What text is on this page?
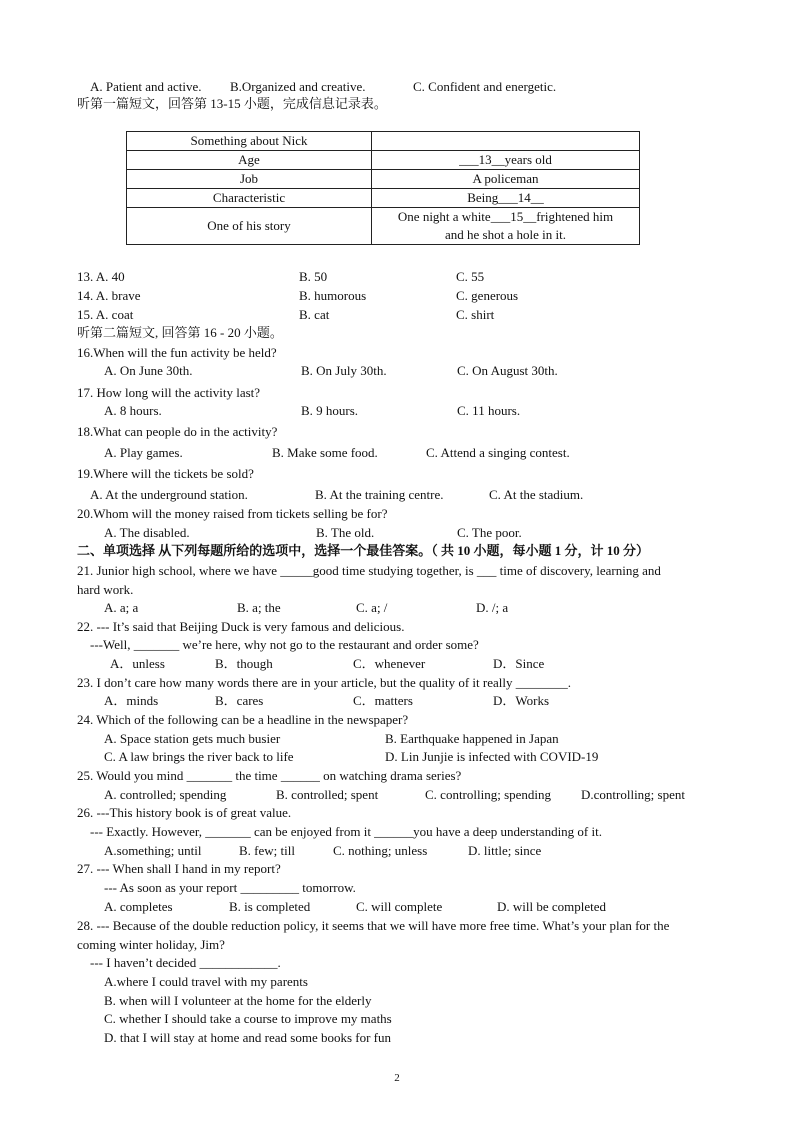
A. Patient and active. B.Organized and creative.	C. Confident and energetic.
听第一篇短文，回答第 13-15 小题，完成信息记录表。
Something about Nick	
Age	___13__years old
Job	A policeman
Characteristic	Being___14__
One of his story	One night a white___15__frightened him
and he shot a hole in it.
13. A. 40	B. 50	C. 55
14. A. brave	B. humorous	C. generous
15. A. coat	B. cat	C. shirt
听第二篇短文, 回答第 16 - 20 小题。
16.When will the fun activity be held?
A. On June 30th.	B. On July 30th.	C. On August 30th.
17. How long will the activity last?
A. 8 hours.	B. 9 hours.	C. 11 hours.
18.What can people do in the activity?
A. Play games.	B. Make some food.	C. Attend a singing contest.
19.Where will the tickets be sold?
A. At the underground station.	B. At the training centre.	C. At the stadium.
20.Whom will the money raised from tickets selling be for?
A. The disabled.	B. The old.	C. The poor.
二、单项选择 从下列每题所给的选项中，选择一个最佳答案。（ 共 10 小题，每小题 1 分，计 10 分）
21. Junior high school, where we have _____good time studying together, is ___ time of discovery, learning and
hard work.
A. a; a	B. a; the	C. a; /	D. /; a
22. --- It’s said that Beijing Duck is very famous and delicious.
---Well, _______ we’re here, why not go to the restaurant and order some?
A．unless	B．though	C．whenever	D．Since
23. I don’t care how many words there are in your article, but the quality of it really ________.
A．minds	B．cares	C．matters	D．Works
24. Which of the following can be a headline in the newspaper?
A. Space station gets much busier	B. Earthquake happened in Japan
C. A law brings the river back to life	D. Lin Junjie is infected with COVID-19
25. Would you mind _______ the time ______ on watching drama series?
A. controlled; spending	B. controlled; spent	C. controlling; spending D.controlling; spent
26. ---This history book is of great value.
--- Exactly. However, _______ can be enjoyed from it ______you have a deep understanding of it.
A.something; until	B. few; till	C. nothing; unless	D. little; since
27. --- When shall I hand in my report?
--- As soon as your report _________ tomorrow.
A. completes	B. is completed	C. will complete	D. will be completed
28. --- Because of the double reduction policy, it seems that we will have more free time. What’s your plan for the
coming winter holiday, Jim?
--- I haven’t decided ____________.
A.where I could travel with my parents
B. when will I volunteer at the home for the elderly
C. whether I should take a course to improve my maths
D. that I will stay at home and read some books for fun
2
